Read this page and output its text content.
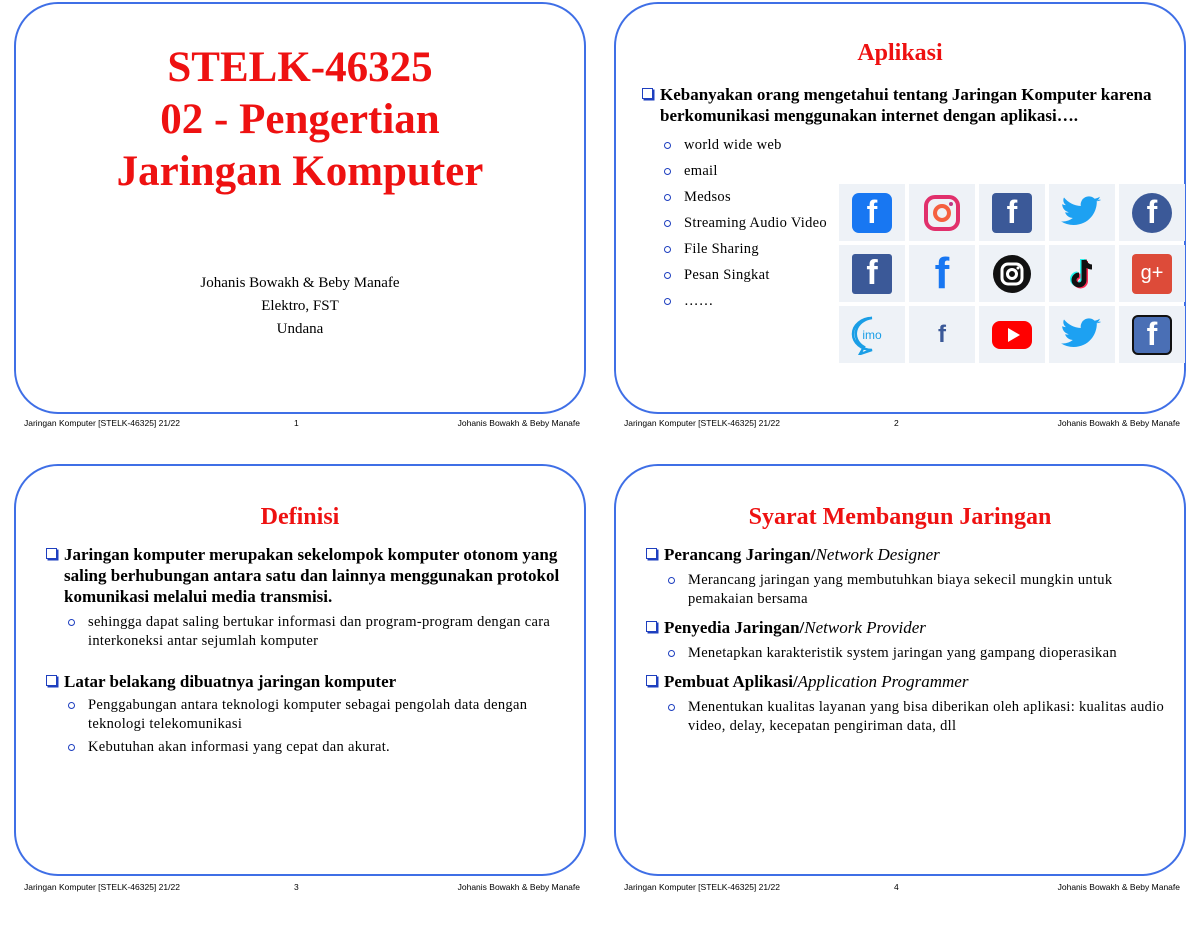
STELK-46325
02 - Pengertian
Jaringan Komputer
Johanis Bowakh & Beby Manafe
Elektro, FST
Undana
Jaringan Komputer [STELK-46325] 21/22	1	Johanis Bowakh & Beby Manafe
Aplikasi
Kebanyakan orang mengetahui tentang Jaringan Komputer karena berkomunikasi menggunakan internet dengan aplikasi….
world wide web
email
Medsos
Streaming Audio Video
File Sharing
Pesan Singkat
……
f	f	f
f	f	g+
imo	f	f
Jaringan Komputer [STELK-46325] 21/22	2	Johanis Bowakh & Beby Manafe
Definisi
Jaringan komputer merupakan sekelompok komputer otonom yang saling berhubungan antara satu dan lainnya menggunakan protokol komunikasi melalui media transmisi.
sehingga dapat saling bertukar informasi dan program-program dengan cara interkoneksi antar sejumlah komputer
Latar belakang dibuatnya jaringan komputer
Penggabungan antara teknologi komputer sebagai pengolah data dengan teknologi telekomunikasi
Kebutuhan akan informasi yang cepat dan akurat.
Jaringan Komputer [STELK-46325] 21/22	3	Johanis Bowakh & Beby Manafe
Syarat Membangun Jaringan
Perancang Jaringan/Network Designer
Merancang jaringan yang membutuhkan biaya sekecil mungkin untuk pemakaian bersama
Penyedia Jaringan/Network Provider
Menetapkan karakteristik system jaringan yang gampang dioperasikan
Pembuat Aplikasi/Application Programmer
Menentukan kualitas layanan yang bisa diberikan oleh aplikasi: kualitas audio video, delay, kecepatan pengiriman data, dll
Jaringan Komputer [STELK-46325] 21/22	4	Johanis Bowakh & Beby Manafe
